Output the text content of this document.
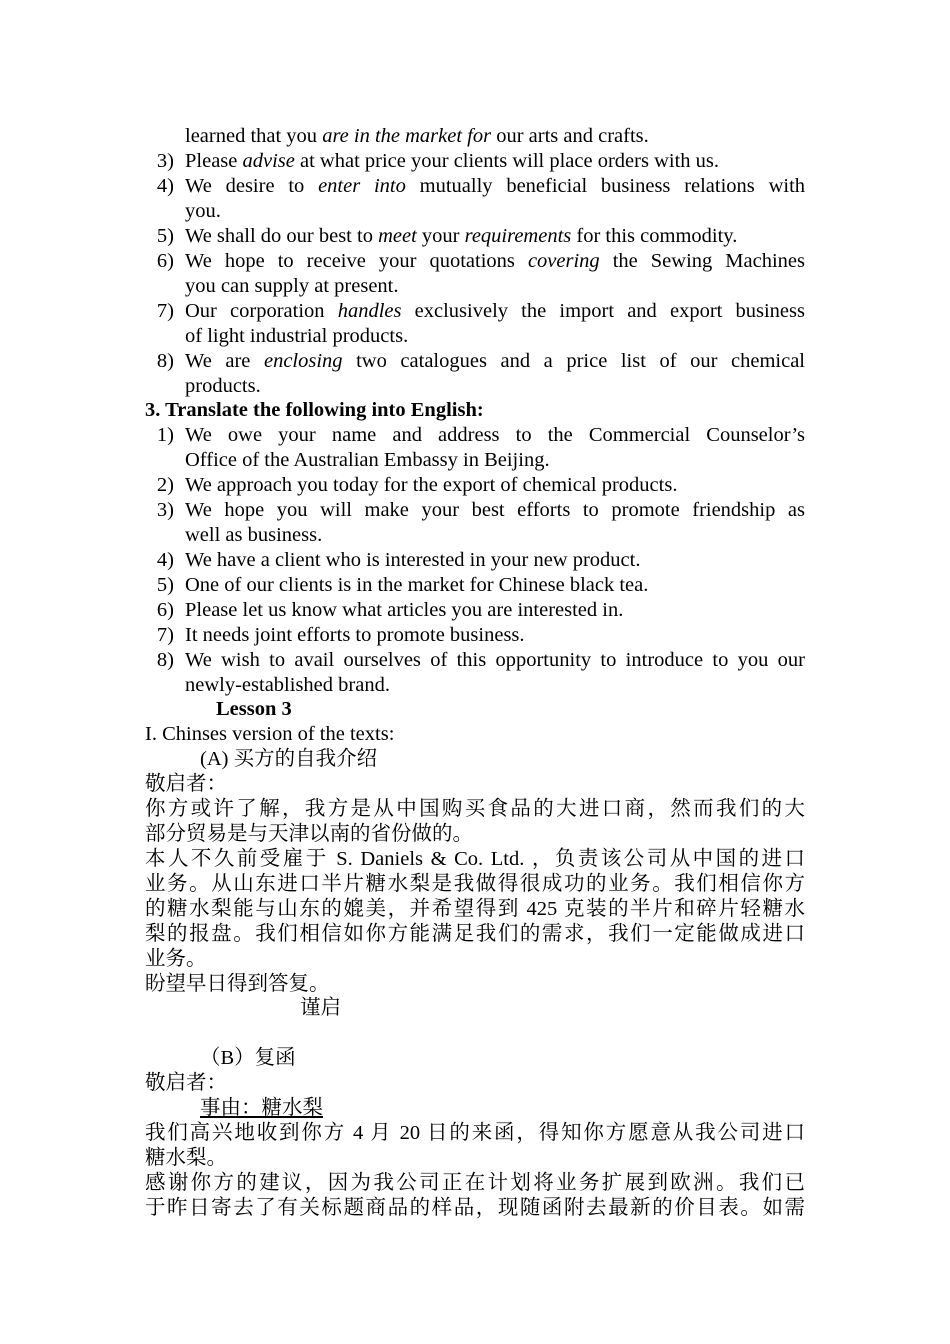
learned that you are in the market for our arts and crafts.
3) Please advise at what price your clients will place orders with us.
4) We desire to enter into mutually beneficial business relations with
you.
5) We shall do our best to meet your requirements for this commodity.
6) We hope to receive your quotations covering the Sewing Machines
you can supply at present.
7) Our corporation handles exclusively the import and export business
of light industrial products.
8) We are enclosing two catalogues and a price list of our chemical
products.
3. Translate the following into English:
1) We owe your name and address to the Commercial Counselor’s
Office of the Australian Embassy in Beijing.
2) We approach you today for the export of chemical products.
3) We hope you will make your best efforts to promote friendship as
well as business.
4) We have a client who is interested in your new product.
5) One of our clients is in the market for Chinese black tea.
6) Please let us know what articles you are interested in.
7) It needs joint efforts to promote business.
8) We wish to avail ourselves of this opportunity to introduce to you our
newly-established brand.
Lesson 3
I. Chinses version of the texts:
(A) 买方的自我介绍
敬启者：
你方或许了解，我方是从中国购买食品的大进口商，然而我们的大
部分贸易是与天津以南的省份做的。
本人不久前受雇于 S. Daniels & Co. Ltd. ，负责该公司从中国的进口
业务。从山东进口半片糖水梨是我做得很成功的业务。我们相信你方
的糖水梨能与山东的媲美，并希望得到 425 克装的半片和碎片轻糖水
梨的报盘。我们相信如你方能满足我们的需求，我们一定能做成进口
业务。
盼望早日得到答复。
谨启
（B）复函
敬启者：
事由：糖水梨
我们高兴地收到你方 4 月 20 日的来函，得知你方愿意从我公司进口
糖水梨。
感谢你方的建议，因为我公司正在计划将业务扩展到欧洲。我们已
于昨日寄去了有关标题商品的样品，现随函附去最新的价目表。如需
